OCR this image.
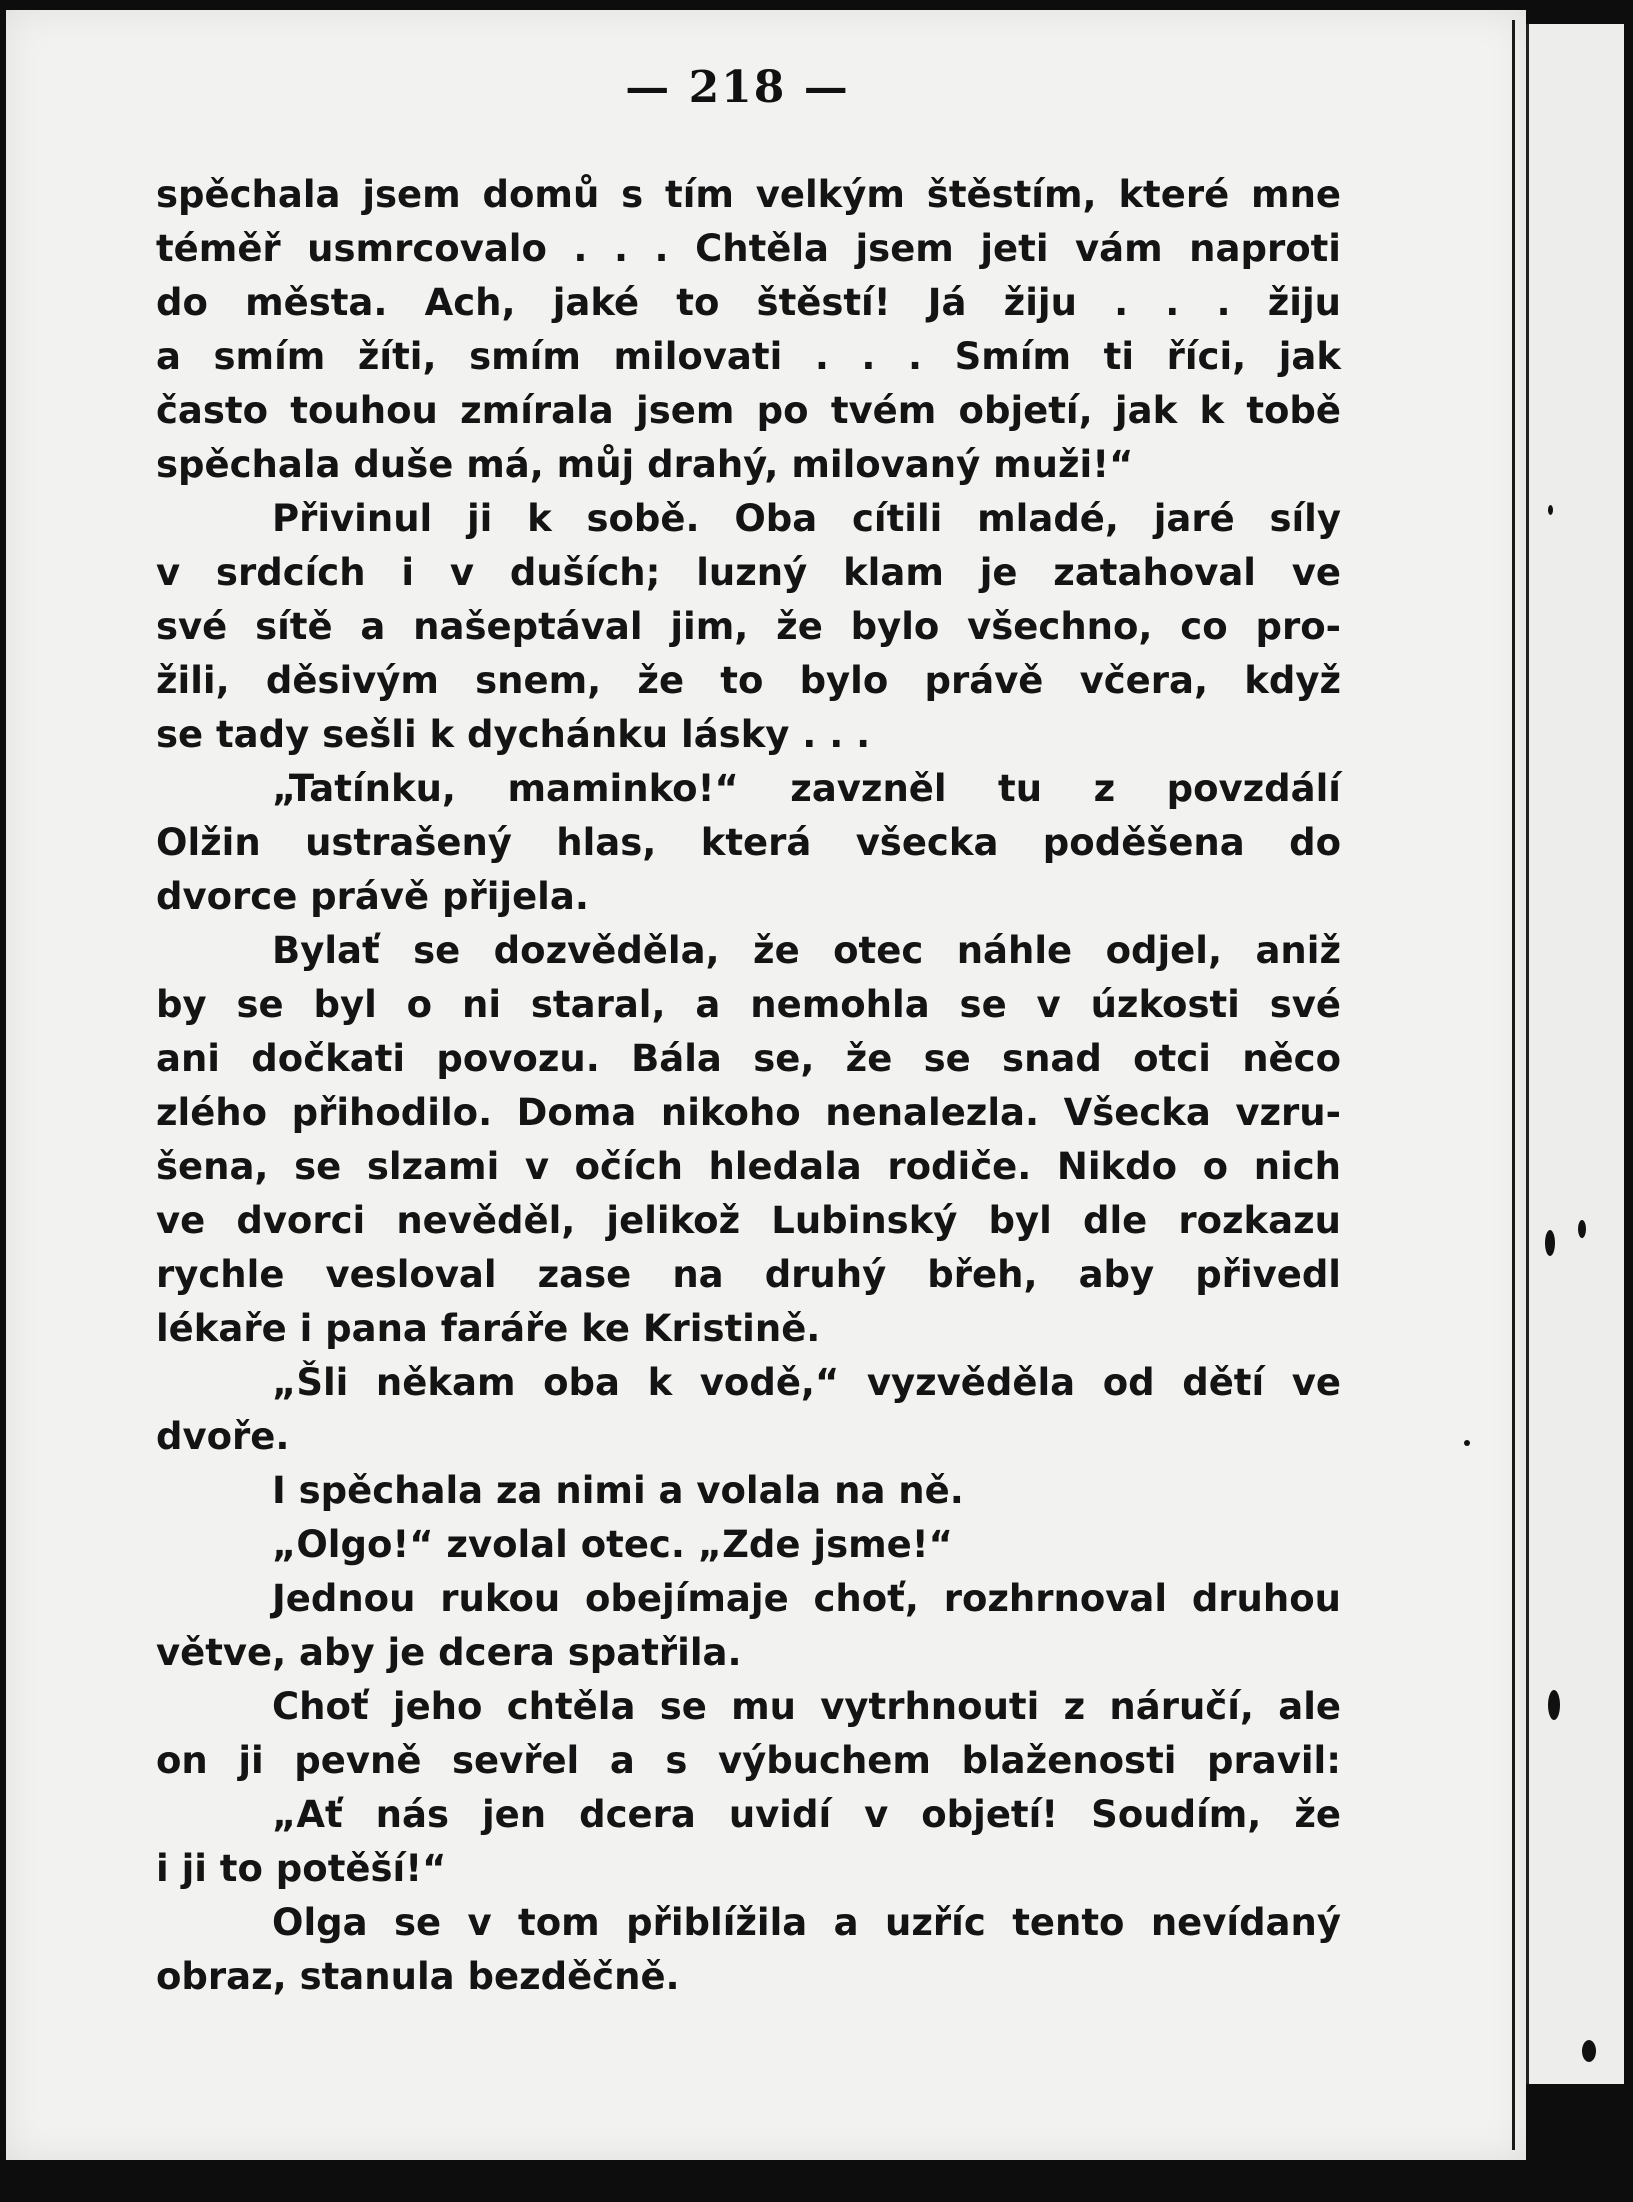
— 218 —
spěchala jsem domů s tím velkým štěstím, které mne
téměř usmrcovalo . . . Chtěla jsem jeti vám naproti
do města. Ach, jaké to štěstí! Já žiju . . . žiju
a smím žíti, smím milovati . . . Smím ti říci, jak
často touhou zmírala jsem po tvém objetí, jak k tobě
spěchala duše má, můj drahý, milovaný muži!“
Přivinul ji k sobě. Oba cítili mladé, jaré síly
v srdcích i v duších; luzný klam je zatahoval ve
své sítě a našeptával jim, že bylo všechno, co pro-
žili, děsivým snem, že to bylo právě včera, když
se tady sešli k dychánku lásky . . .
„Tatínku, maminko!“ zavzněl tu z povzdálí
Olžin ustrašený hlas, která všecka poděšena do
dvorce právě přijela.
Bylať se dozvěděla, že otec náhle odjel, aniž
by se byl o ni staral, a nemohla se v úzkosti své
ani dočkati povozu. Bála se, že se snad otci něco
zlého přihodilo. Doma nikoho nenalezla. Všecka vzru-
šena, se slzami v očích hledala rodiče. Nikdo o nich
ve dvorci nevěděl, jelikož Lubinský byl dle rozkazu
rychle vesloval zase na druhý břeh, aby přivedl
lékaře i pana faráře ke Kristině.
„Šli někam oba k vodě,“ vyzvěděla od dětí ve
dvoře.
I spěchala za nimi a volala na ně.
„Olgo!“ zvolal otec. „Zde jsme!“
Jednou rukou obejímaje choť, rozhrnoval druhou
větve, aby je dcera spatřila.
Choť jeho chtěla se mu vytrhnouti z náručí, ale
on ji pevně sevřel a s výbuchem blaženosti pravil:
„Ať nás jen dcera uvidí v objetí! Soudím, že
i ji to potěší!“
Olga se v tom přiblížila a uzříc tento nevídaný
obraz, stanula bezděčně.
